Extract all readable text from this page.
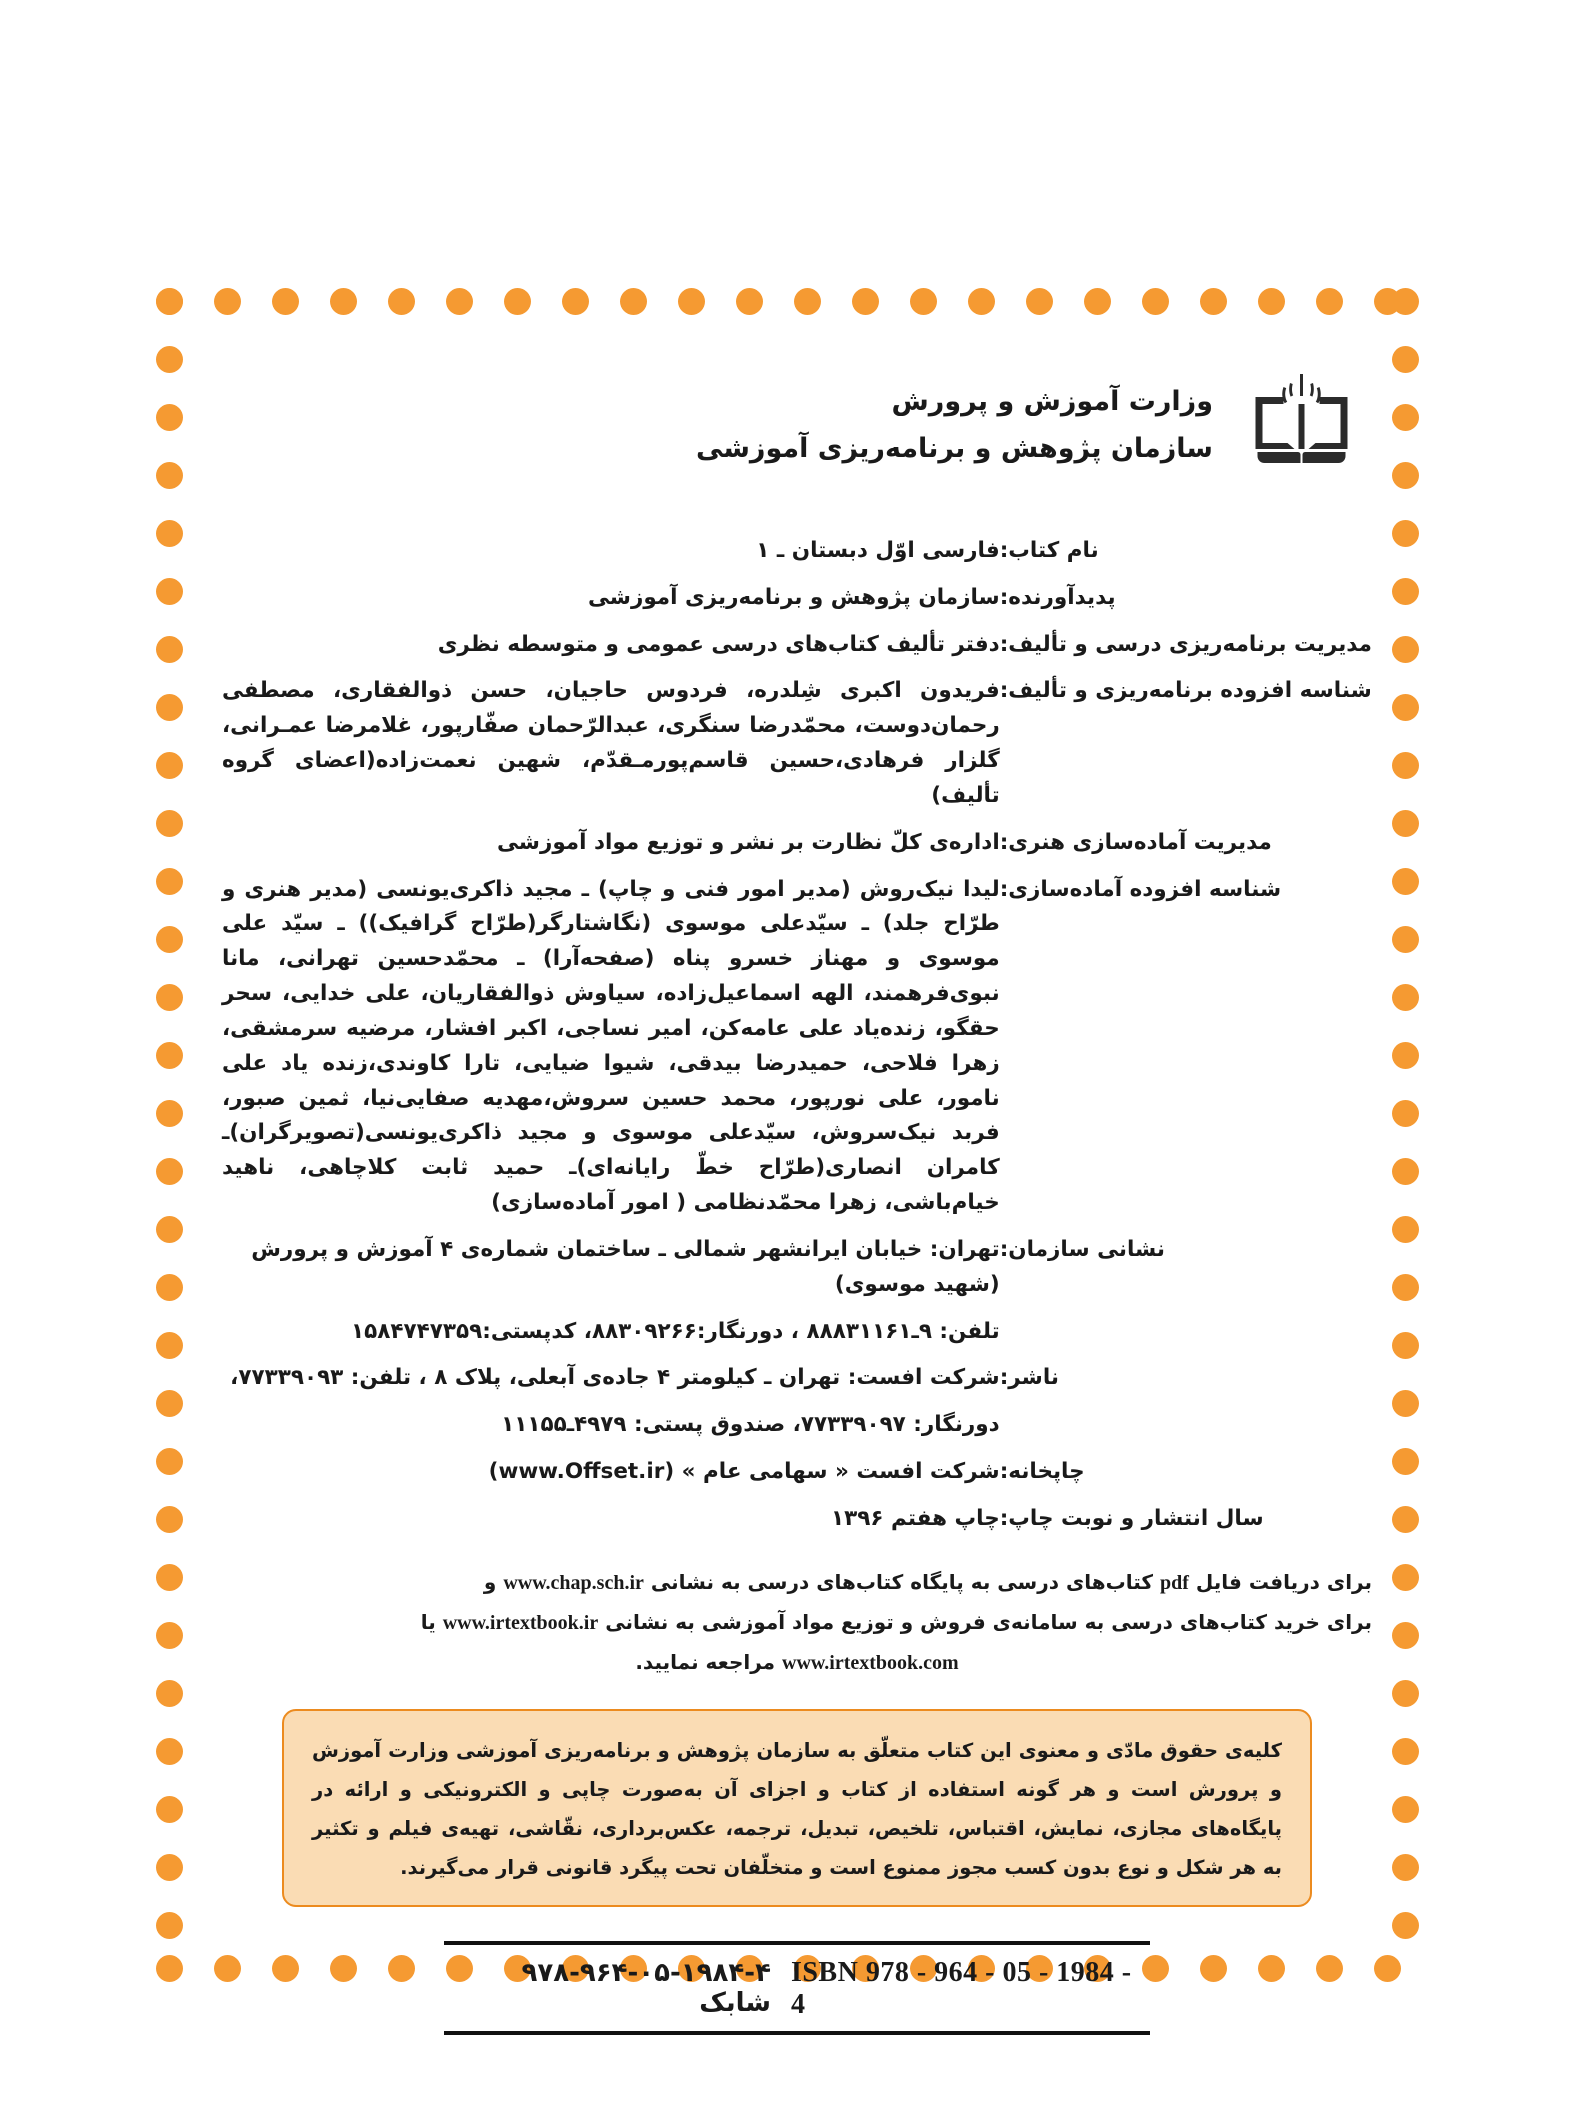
وزارت آموزش و پرورش
سازمان پژوهش و برنامه‌ریزی آموزشی
نام کتاب:	فارسی اوّل دبستان ـ ۱
پدیدآورنده:	سازمان پژوهش و برنامه‌ریزی آموزشی
مدیریت برنامه‌ریزی درسی و تألیف:	دفتر تألیف کتاب‌های درسی عمومی و متوسطه نظری
شناسه افزوده برنامه‌ریزی و تألیف:	فریدون اکبری شِلدره، فردوس حاجیان، حسن ذوالفقاری، مصطفی رحمان‌دوست، محمّدرضا سنگری، عبدالرّحمان صفّارپور، غلامرضا عمـرانی، گلزار فرهادی،حسین قاسم‌پورمـقدّم، شهین نعمت‌زاده(اعضای گروه تألیف)
مدیریت آماده‌سازی هنری:	اداره‌ی کلّ نظارت بر نشر و توزیع مواد آموزشی
شناسه افزوده آماده‌سازی:	لیدا نیک‌روش (مدیر امور فنی و چاپ) ـ مجید ذاکری‌یونسی (مدیر هنری و طرّاح جلد) ـ سیّدعلی موسوی (نگاشتارگر(طرّاح گرافیک)) ـ سیّد علی موسوی و مهناز خسرو پناه (صفحه‌آرا) ـ محمّدحسین تهرانی، مانا نبوی‌فرهمند، الهه اسماعیل‌زاده، سیاوش ذوالفقاریان، علی خدایی، سحر حقگو، زنده‌یاد علی عامه‌کن، امیر نساجی، اکبر افشار، مرضیه سرمشقی، زهرا فلاحی، حمیدرضا بیدقی، شیوا ضیایی، تارا کاوندی،زنده یاد علی نامور، علی نورپور، محمد حسین سروش،مهدیه صفایی‌نیا، ثمین صبور، فربد نیک‌سروش، سیّدعلی موسوی و مجید ذاکری‌یونسی(تصویرگران)ـ کامران انصاری(طرّاح خطّ رایانه‌ای)ـ حمید ثابت کلاچاهی، ناهید خیام‌باشی، زهرا محمّدنظامی ( امور آماده‌سازی)
نشانی سازمان:	تهران: خیابان ایرانشهر شمالی ـ ساختمان شماره‌ی ۴ آموزش و پرورش (شهید موسوی)
	تلفن: ۹ـ۸۸۸۳۱۱۶۱ ، دورنگار:۸۸۳۰۹۲۶۶، کدپستی:۱۵۸۴۷۴۷۳۵۹
ناشر:	شرکت افست: تهران ـ کیلومتر ۴ جاده‌ی آبعلی، پلاک ۸ ، تلفن: ۷۷۳۳۹۰۹۳،
	دورنگار: ۷۷۳۳۹۰۹۷، صندوق پستی: ۴۹۷۹ـ۱۱۱۵۵
چاپخانه:	شرکت افست « سهامی عام » (www.Offset.ir)
سال انتشار و نوبت چاپ:	چاپ هفتم ۱۳۹۶
برای دریافت فایل pdf کتاب‌های درسی به پایگاه کتاب‌های درسی به نشانی www.chap.sch.ir و
برای خرید کتاب‌های درسی به سامانه‌ی فروش و توزیع مواد آموزشی به نشانی www.irtextbook.ir یا
www.irtextbook.com مراجعه نمایید.

کلیه‌ی حقوق مادّی و معنوی این کتاب متعلّق به سازمان پژوهش و برنامه‌ریزی آموزشی وزارت آموزش و پرورش است و هر گونه استفاده از کتاب و اجزای آن به‌صورت چاپی و الکترونیکی و ارائه در پایگاه‌های مجازی، نمایش، اقتباس، تلخیص، تبدیل، ترجمه، عکس‌برداری، نقّاشی، تهیه‌ی فیلم و تکثیر به هر شکل و نوع بدون کسب مجوز ممنوع است و متخلّفان تحت پیگرد قانونی قرار می‌گیرند.

ISBN 978 - 964 - 05 - 1984 - 4
۹۷۸-۹۶۴-۰۵-۱۹۸۴-۴ شابک
